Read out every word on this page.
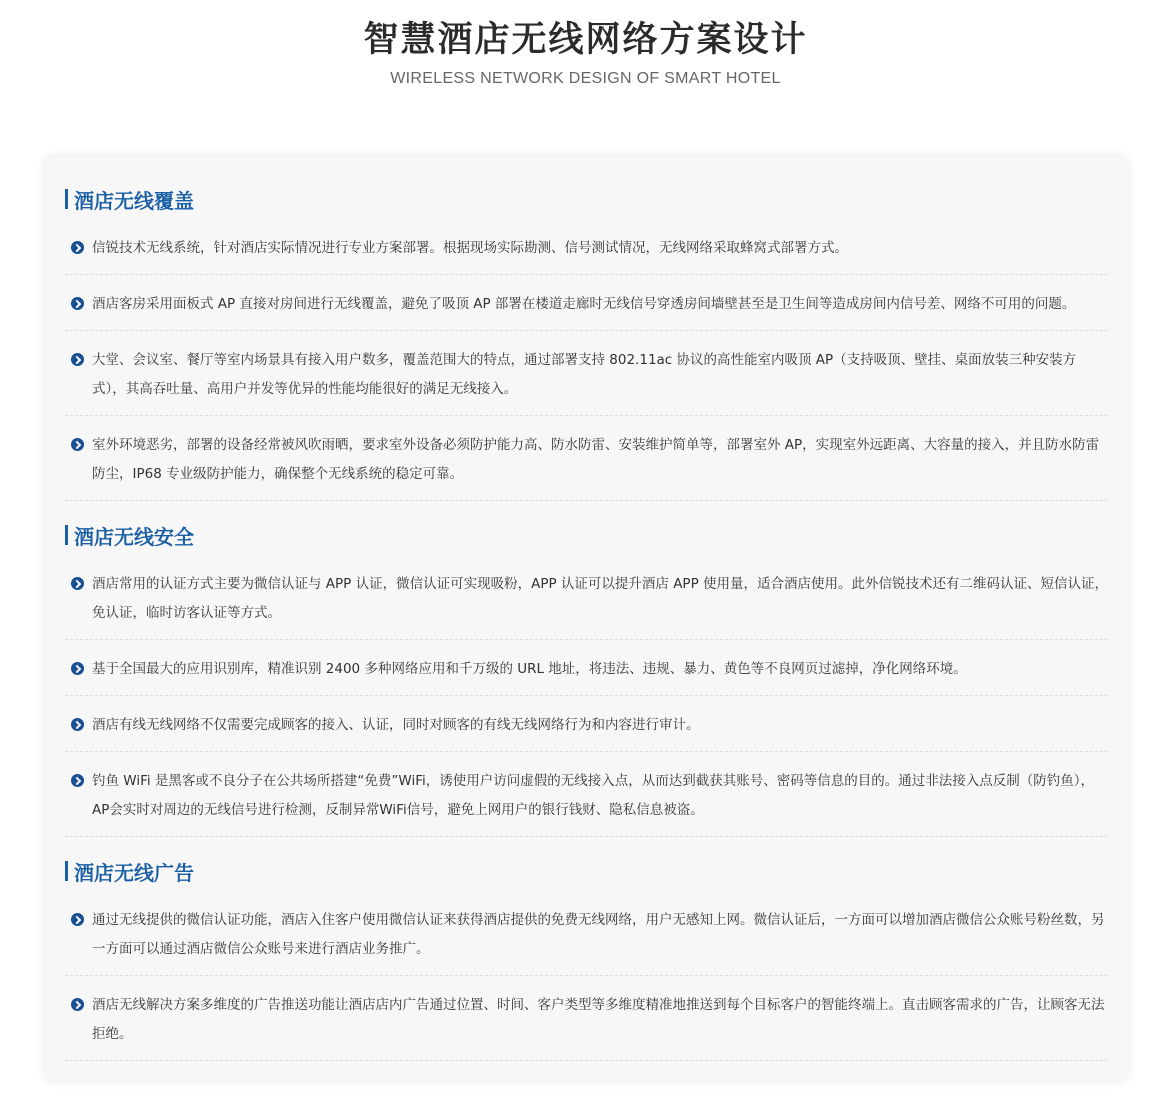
智慧酒店无线网络方案设计
WIRELESS NETWORK DESIGN OF SMART HOTEL
酒店无线覆盖
信锐技术无线系统，针对酒店实际情况进行专业方案部署。根据现场实际勘测、信号测试情况，无线网络采取蜂窝式部署方式。
酒店客房采用面板式 AP 直接对房间进行无线覆盖，避免了吸顶 AP 部署在楼道走廊时无线信号穿透房间墙壁甚至是卫生间等造成房间内信号差、网络不可用的问题。
大堂、会议室、餐厅等室内场景具有接入用户数多，覆盖范围大的特点，通过部署支持 802.11ac 协议的高性能室内吸顶 AP（支持吸顶、壁挂、桌面放装三种安装方式），其高吞吐量、高用户并发等优异的性能均能很好的满足无线接入。
室外环境恶劣，部署的设备经常被风吹雨晒，要求室外设备必须防护能力高、防水防雷、安装维护简单等，部署室外 AP，实现室外远距离、大容量的接入，并且防水防雷防尘，IP68 专业级防护能力，确保整个无线系统的稳定可靠。
酒店无线安全
酒店常用的认证方式主要为微信认证与 APP 认证，微信认证可实现吸粉，APP 认证可以提升酒店 APP 使用量，适合酒店使用。此外信锐技术还有二维码认证、短信认证，免认证，临时访客认证等方式。
基于全国最大的应用识别库，精准识别 2400 多种网络应用和千万级的 URL 地址，将违法、违规、暴力、黄色等不良网页过滤掉，净化网络环境。
酒店有线无线网络不仅需要完成顾客的接入、认证，同时对顾客的有线无线网络行为和内容进行审计。
钓鱼 WiFi 是黑客或不良分子在公共场所搭建“免费”WiFi，诱使用户访问虚假的无线接入点，从而达到截获其账号、密码等信息的目的。通过非法接入点反制（防钓鱼），AP会实时对周边的无线信号进行检测，反制异常WiFi信号，避免上网用户的银行钱财、隐私信息被盗。
酒店无线广告
通过无线提供的微信认证功能，酒店入住客户使用微信认证来获得酒店提供的免费无线网络，用户无感知上网。微信认证后，一方面可以增加酒店微信公众账号粉丝数，另一方面可以通过酒店微信公众账号来进行酒店业务推广。
酒店无线解决方案多维度的广告推送功能让酒店店内广告通过位置、时间、客户类型等多维度精准地推送到每个目标客户的智能终端上。直击顾客需求的广告，让顾客无法拒绝。
